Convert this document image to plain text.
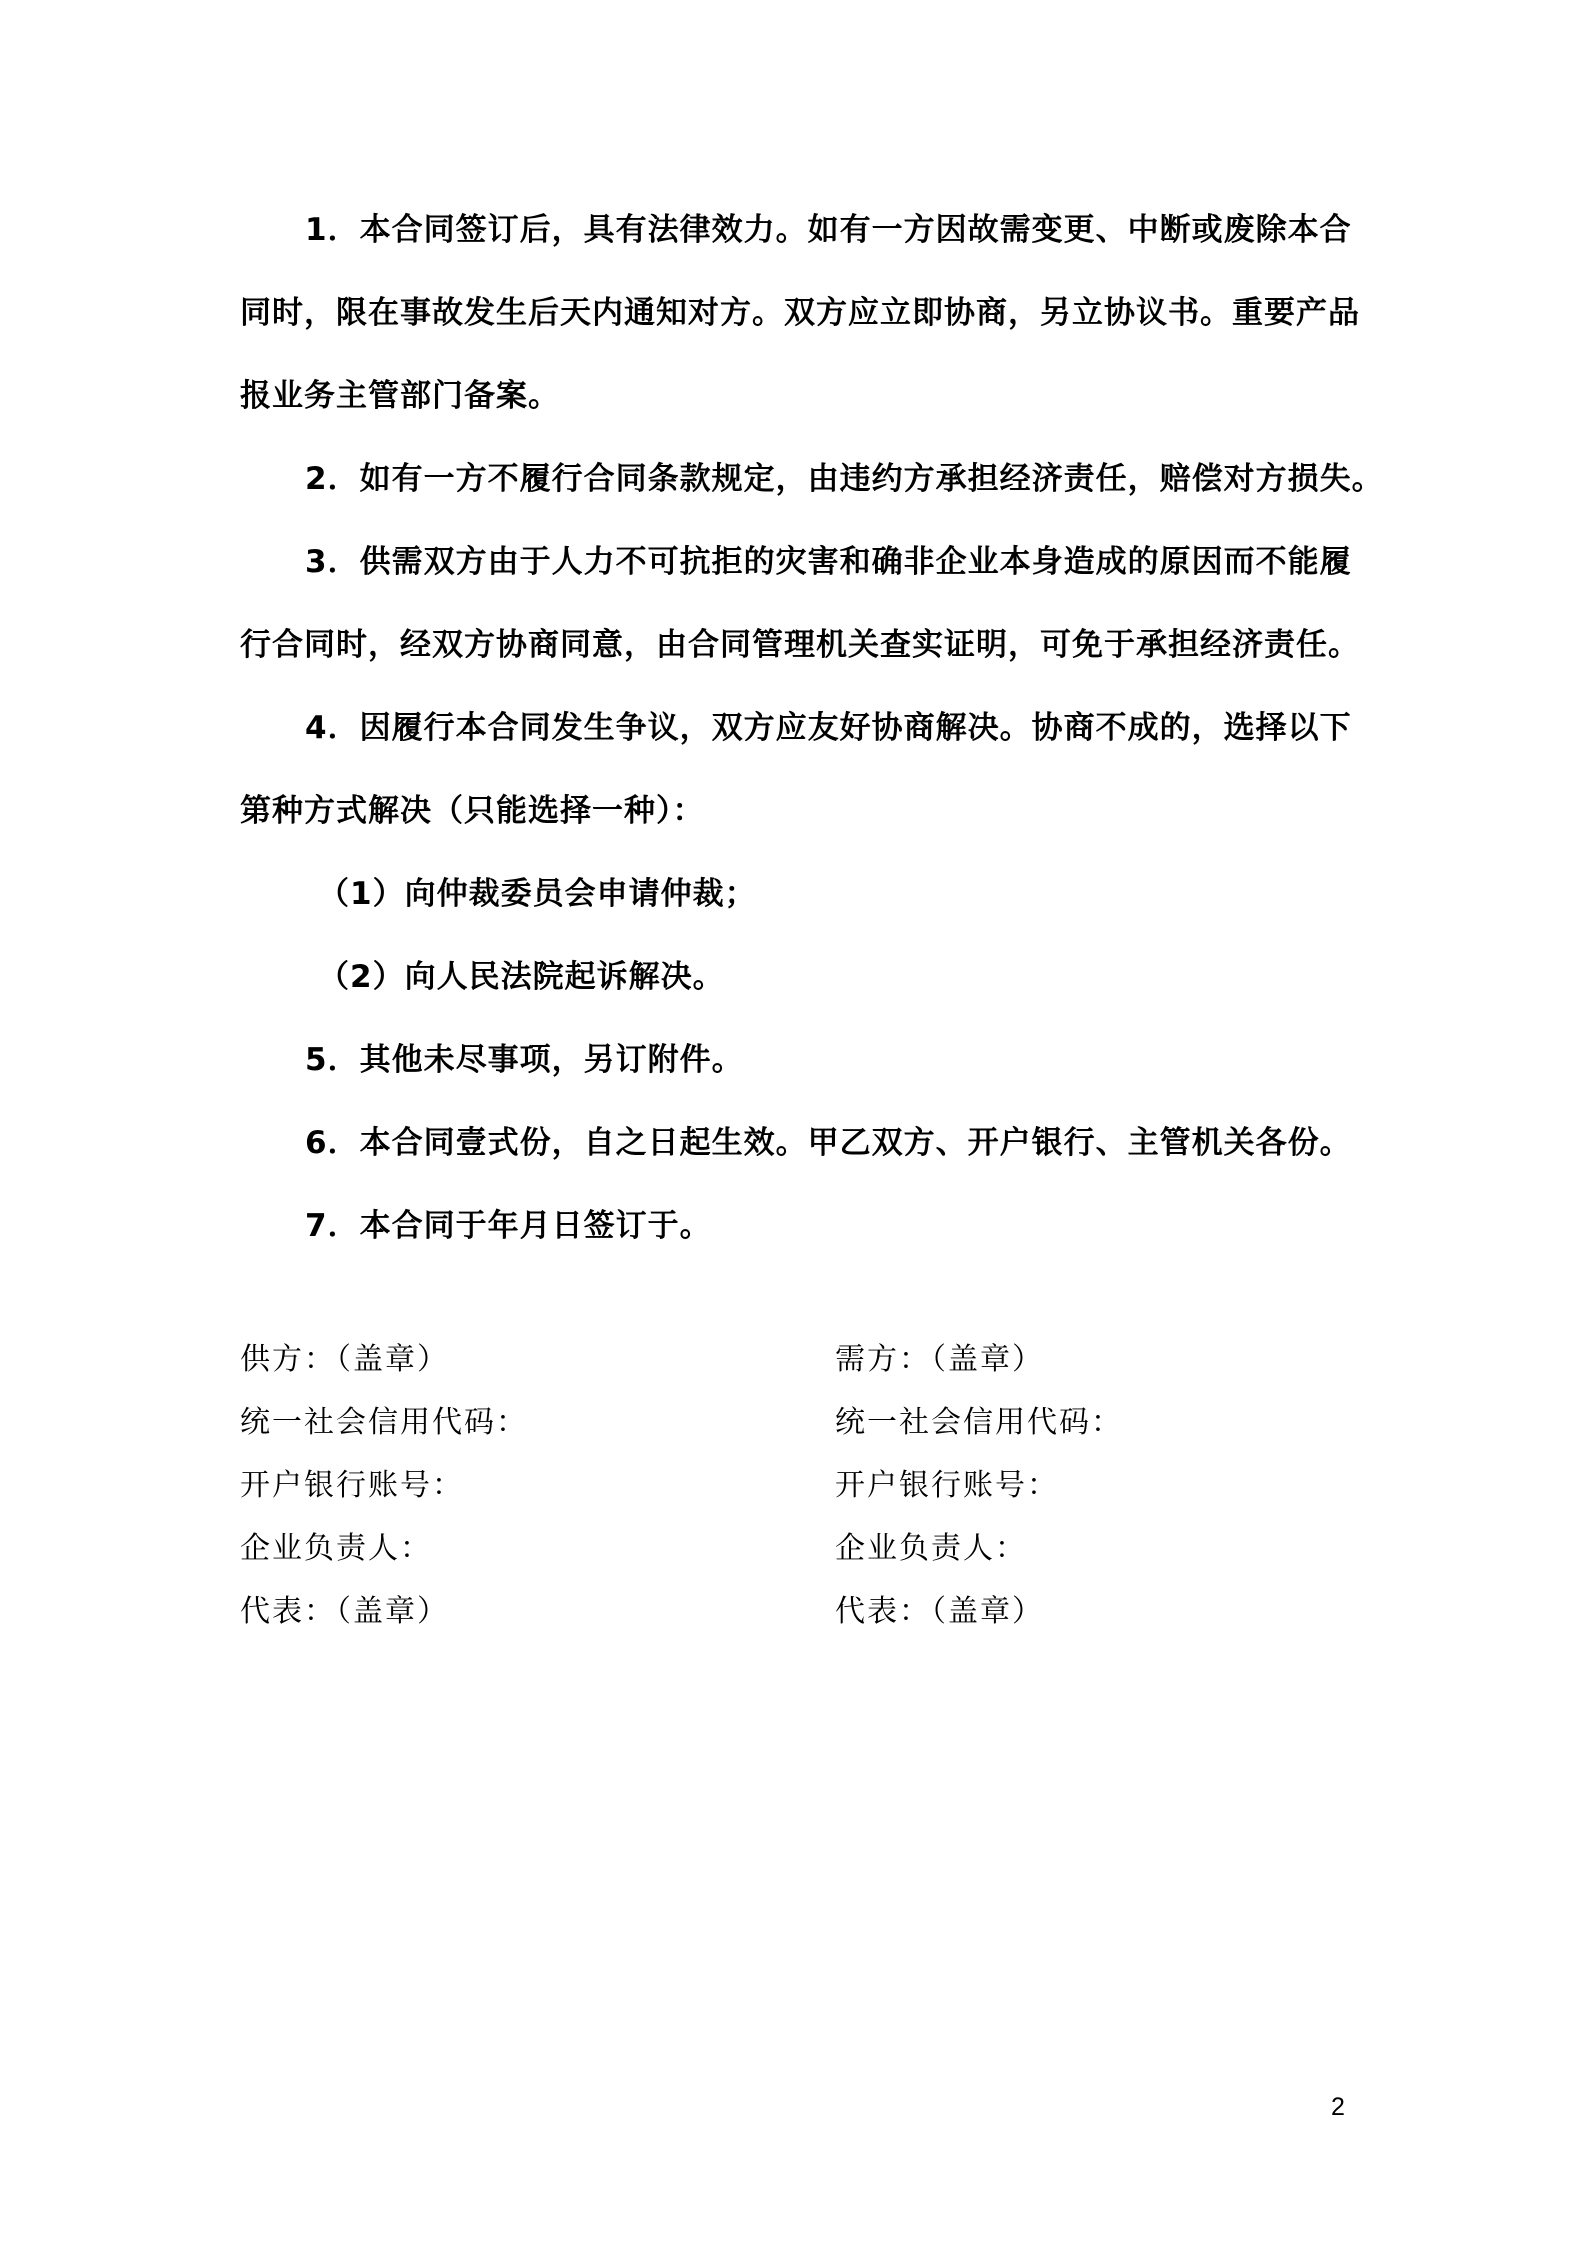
1．本合同签订后，具有法律效力。如有一方因故需变更、中断或废除本合
同时，限在事故发生后天内通知对方。双方应立即协商，另立协议书。重要产品
报业务主管部门备案。
2．如有一方不履行合同条款规定，由违约方承担经济责任，赔偿对方损失。
3．供需双方由于人力不可抗拒的灾害和确非企业本身造成的原因而不能履
行合同时，经双方协商同意，由合同管理机关查实证明，可免于承担经济责任。
4．因履行本合同发生争议，双方应友好协商解决。协商不成的，选择以下
第种方式解决（只能选择一种）：
（1）向仲裁委员会申请仲裁；
（2）向人民法院起诉解决。
5．其他未尽事项，另订附件。
6．本合同壹式份，自之日起生效。甲乙双方、开户银行、主管机关各份。
7．本合同于年月日签订于。
供方：（盖章）
统一社会信用代码：
开户银行账号：
企业负责人：
代表：（盖章）
需方：（盖章）
统一社会信用代码：
开户银行账号：
企业负责人：
代表：（盖章）
2
